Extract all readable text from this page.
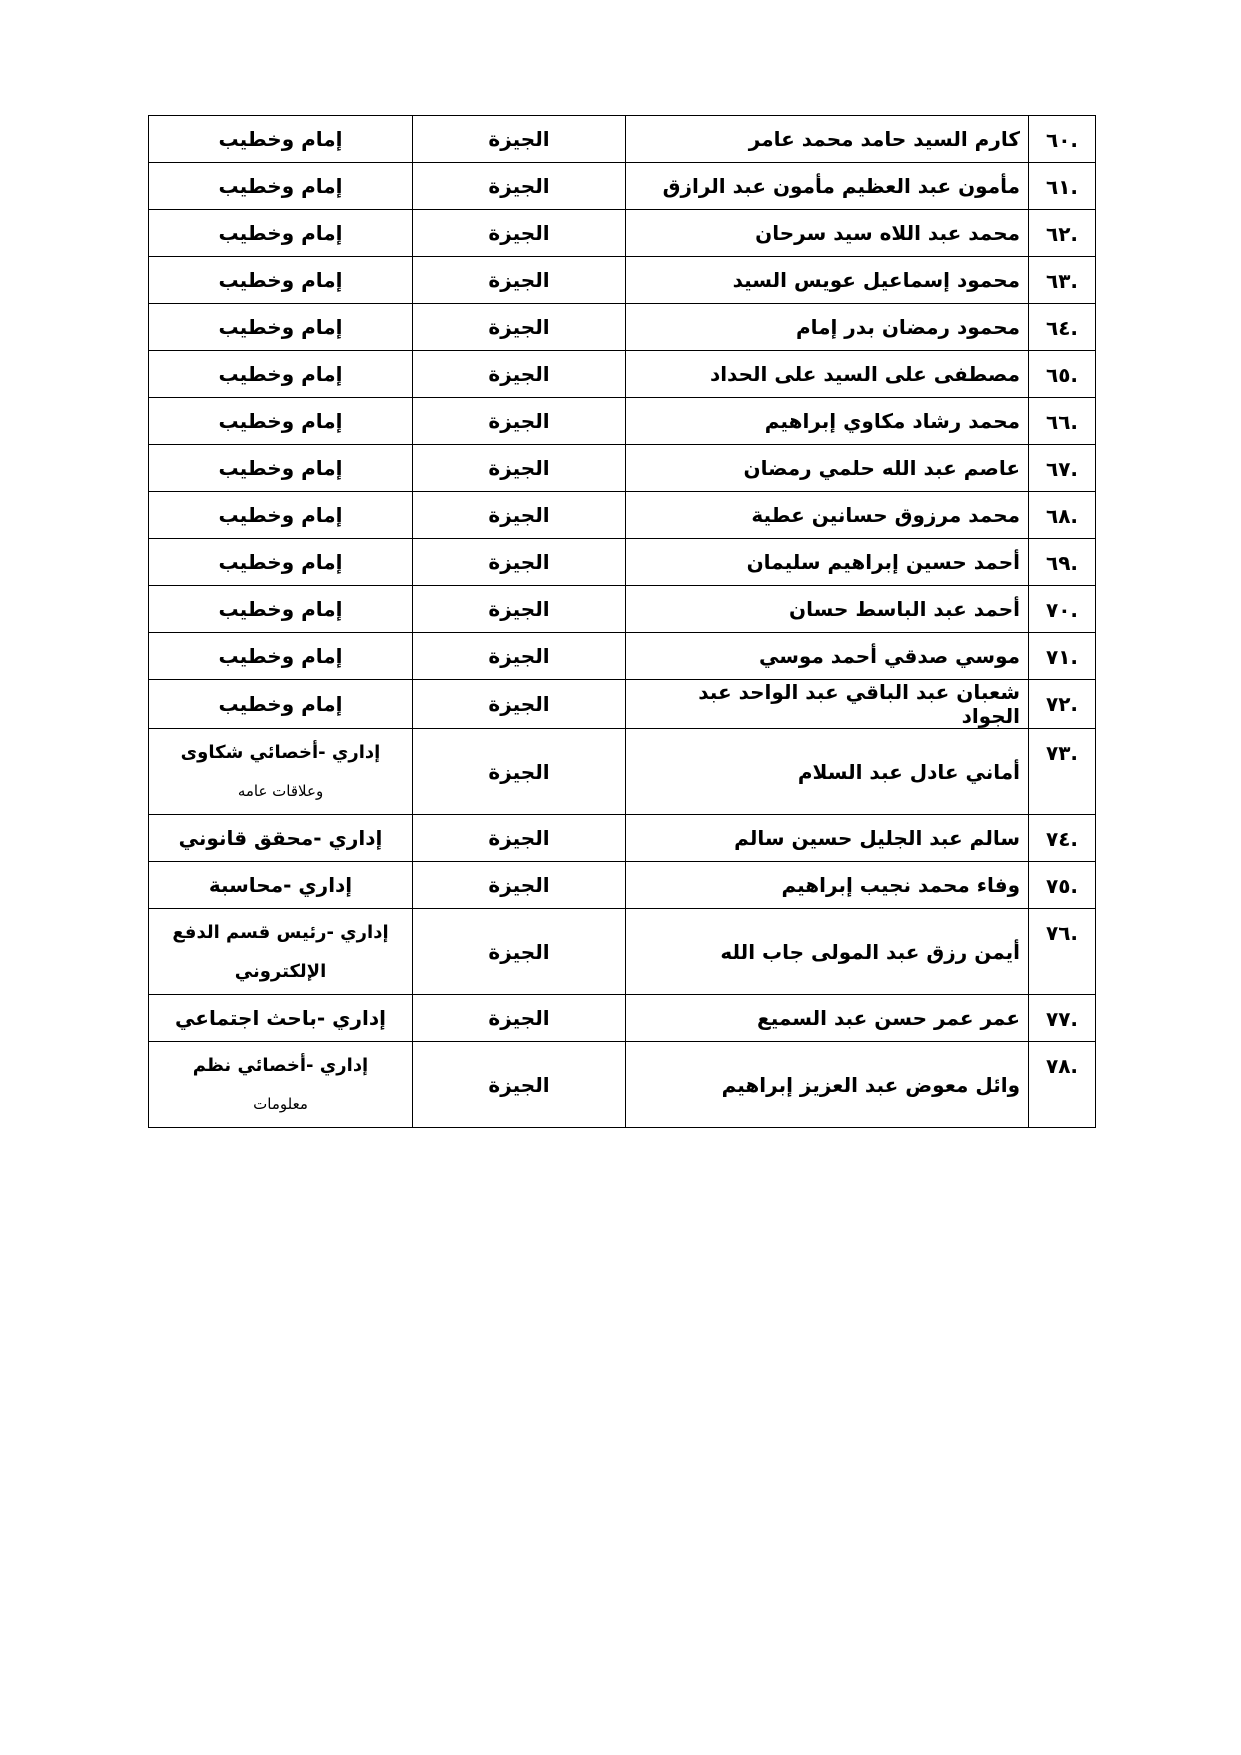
.٦٠	كارم السيد حامد محمد عامر	الجيزة	إمام وخطيب
.٦١	مأمون عبد العظيم مأمون عبد الرازق	الجيزة	إمام وخطيب
.٦٢	محمد عبد اللاه سيد سرحان	الجيزة	إمام وخطيب
.٦٣	محمود إسماعيل عويس السيد	الجيزة	إمام وخطيب
.٦٤	محمود رمضان بدر إمام	الجيزة	إمام وخطيب
.٦٥	مصطفى على السيد على الحداد	الجيزة	إمام وخطيب
.٦٦	محمد رشاد مكاوي إبراهيم	الجيزة	إمام وخطيب
.٦٧	عاصم عبد الله حلمي رمضان	الجيزة	إمام وخطيب
.٦٨	محمد مرزوق حسانين عطية	الجيزة	إمام وخطيب
.٦٩	أحمد حسين إبراهيم سليمان	الجيزة	إمام وخطيب
.٧٠	أحمد عبد الباسط حسان	الجيزة	إمام وخطيب
.٧١	موسي صدقي أحمد موسي	الجيزة	إمام وخطيب
.٧٢	شعبان عبد الباقي عبد الواحد عبد الجواد	الجيزة	إمام وخطيب
.٧٣	أماني عادل عبد السلام	الجيزة	إداري -أخصائي شكاوى
وعلاقات عامه

.٧٤	سالم عبد الجليل حسين سالم	الجيزة	إداري -محقق قانوني
.٧٥	وفاء محمد نجيب إبراهيم	الجيزة	إداري -محاسبة
.٧٦	أيمن رزق عبد المولى جاب الله	الجيزة	إداري -رئيس قسم الدفع
الإلكتروني

.٧٧	عمر عمر حسن عبد السميع	الجيزة	إداري -باحث اجتماعي
.٧٨	وائل معوض عبد العزيز إبراهيم	الجيزة	إداري -أخصائي نظم
معلومات
